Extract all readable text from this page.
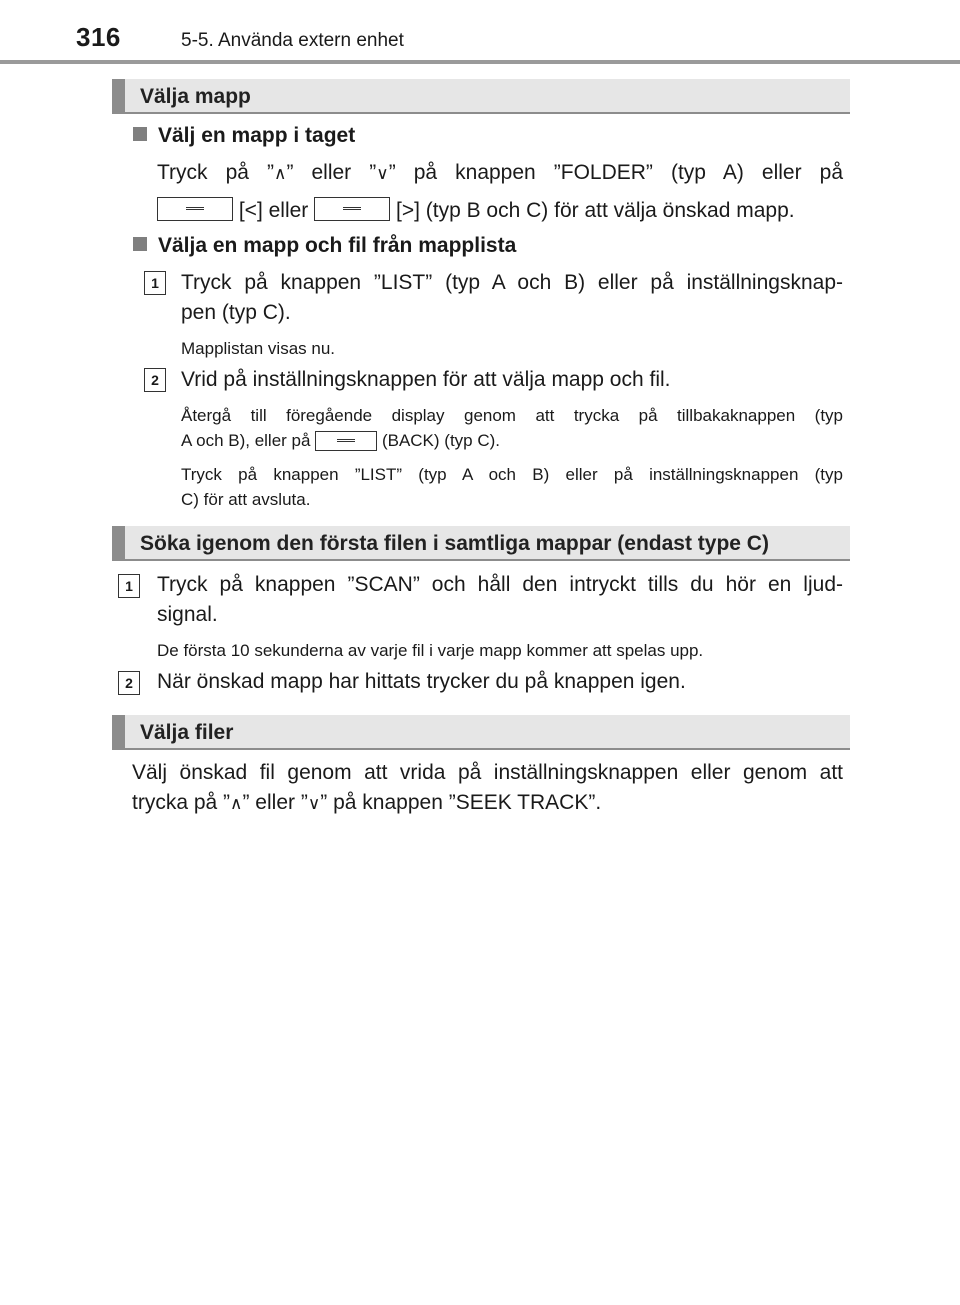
316	5-5. Använda extern enhet
Välja mapp
Välj en mapp i taget
Tryck på ”∧” eller ”∨” på knappen ”FOLDER” (typ A) eller på
[<] eller	[>] (typ B och C) för att välja önskad mapp.
Välja en mapp och fil från mapplista
1	Tryck på knappen ”LIST” (typ A och B) eller på inställningsknap-
pen (typ C).
Mapplistan visas nu.
2	Vrid på inställningsknappen för att välja mapp och fil.
Återgå till föregående display genom att trycka på tillbakaknappen (typ
A och B), eller på	(BACK) (typ C).
Tryck på knappen ”LIST” (typ A och B) eller på inställningsknappen (typ
C) för att avsluta.
Söka igenom den första filen i samtliga mappar (endast type C)
1	Tryck på knappen ”SCAN” och håll den intryckt tills du hör en ljud-
signal.
De första 10 sekunderna av varje fil i varje mapp kommer att spelas upp.
2	När önskad mapp har hittats trycker du på knappen igen.
Välja filer
Välj önskad fil genom att vrida på inställningsknappen eller genom att
trycka på ”∧” eller ”∨” på knappen ”SEEK TRACK”.
